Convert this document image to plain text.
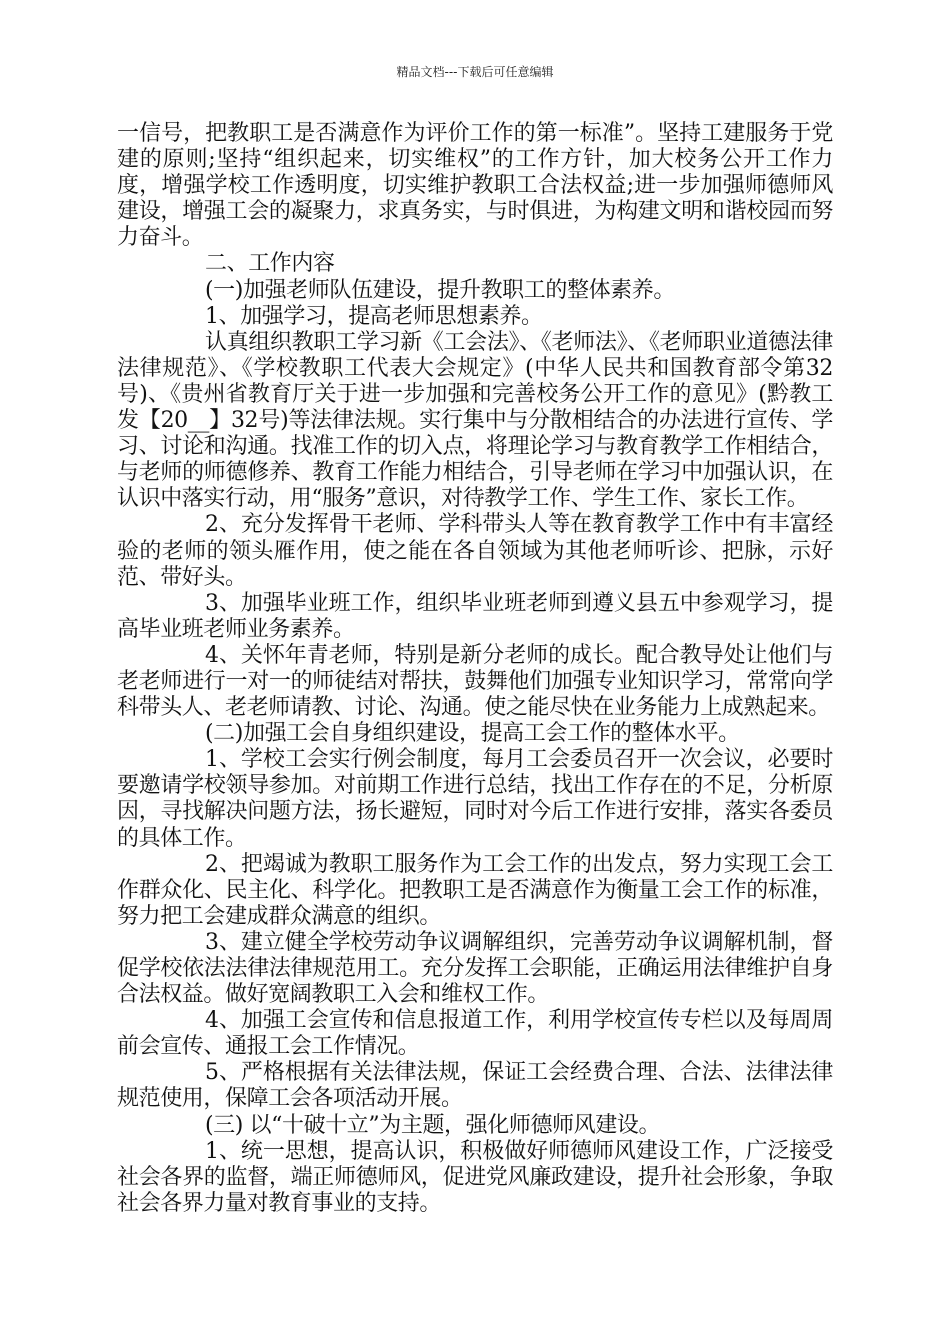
精品文档---下载后可任意编辑

一信号，把教职工是否满意作为评价工作的第一标准”。坚持工建服务于党建的原则;坚持“组织起来，切实维权”的工作方针，加大校务公开工作力度，增强学校工作透明度，切实维护教职工合法权益;进一步加强师德师风建设，增强工会的凝聚力，求真务实，与时俱进，为构建文明和谐校园而努力奋斗。

二、工作内容

(一)加强老师队伍建设，提升教职工的整体素养。

1、加强学习，提高老师思想素养。

认真组织教职工学习新《工会法》、《老师法》、《老师职业道德法律法律规范》、《学校教职工代表大会规定》(中华人民共和国教育部令第32号)、《贵州省教育厅关于进一步加强和完善校务公开工作的意见》(黔教工发【20__】32号)等法律法规。实行集中与分散相结合的办法进行宣传、学习、讨论和沟通。找准工作的切入点，将理论学习与教育教学工作相结合，与老师的师德修养、教育工作能力相结合，引导老师在学习中加强认识，在认识中落实行动，用“服务”意识，对待教学工作、学生工作、家长工作。

2、充分发挥骨干老师、学科带头人等在教育教学工作中有丰富经验的老师的领头雁作用，使之能在各自领域为其他老师听诊、把脉，示好范、带好头。

3、加强毕业班工作，组织毕业班老师到遵义县五中参观学习，提高毕业班老师业务素养。

4、关怀年青老师，特别是新分老师的成长。配合教导处让他们与老老师进行一对一的师徒结对帮扶，鼓舞他们加强专业知识学习，常常向学科带头人、老老师请教、讨论、沟通。使之能尽快在业务能力上成熟起来。

(二)加强工会自身组织建设，提高工会工作的整体水平。

1、学校工会实行例会制度，每月工会委员召开一次会议，必要时要邀请学校领导参加。对前期工作进行总结，找出工作存在的不足，分析原因，寻找解决问题方法，扬长避短，同时对今后工作进行安排，落实各委员的具体工作。

2、把竭诚为教职工服务作为工会工作的出发点，努力实现工会工作群众化、民主化、科学化。把教职工是否满意作为衡量工会工作的标准，努力把工会建成群众满意的组织。

3、建立健全学校劳动争议调解组织，完善劳动争议调解机制，督促学校依法法律法律规范用工。充分发挥工会职能，正确运用法律维护自身合法权益。做好宽阔教职工入会和维权工作。

4、加强工会宣传和信息报道工作，利用学校宣传专栏以及每周周前会宣传、通报工会工作情况。

5、严格根据有关法律法规，保证工会经费合理、合法、法律法律规范使用，保障工会各项活动开展。

(三) 以“十破十立”为主题，强化师德师风建设。

1、统一思想，提高认识，积极做好师德师风建设工作，广泛接受社会各界的监督，端正师德师风，促进党风廉政建设，提升社会形象，争取社会各界力量对教育事业的支持。
